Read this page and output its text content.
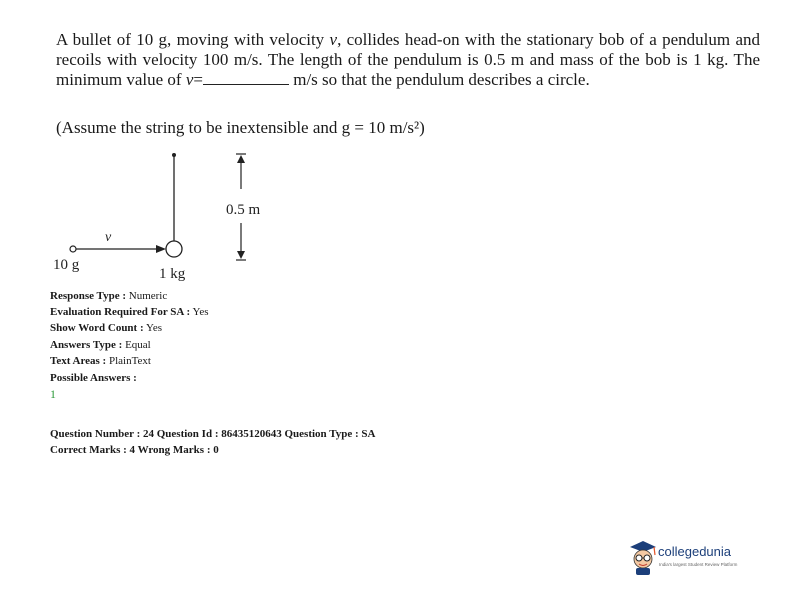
A bullet of 10 g, moving with velocity v, collides head-on with the stationary bob of a pendulum and recoils with velocity 100 m/s. The length of the pendulum is 0.5 m and mass of the bob is 1 kg. The minimum value of v=	m/s so that the pendulum describes a circle.

(Assume the string to be inextensible and g = 10 m/s²)
0.5 m
v
10 g
1 kg
Response Type : Numeric
Evaluation Required For SA : Yes
Show Word Count : Yes
Answers Type : Equal
Text Areas : PlainText
Possible Answers :
1
Question Number : 24 Question Id : 86435120643 Question Type : SA
Correct Marks : 4 Wrong Marks : 0
collegedunia
India's largest Student Review Platform
